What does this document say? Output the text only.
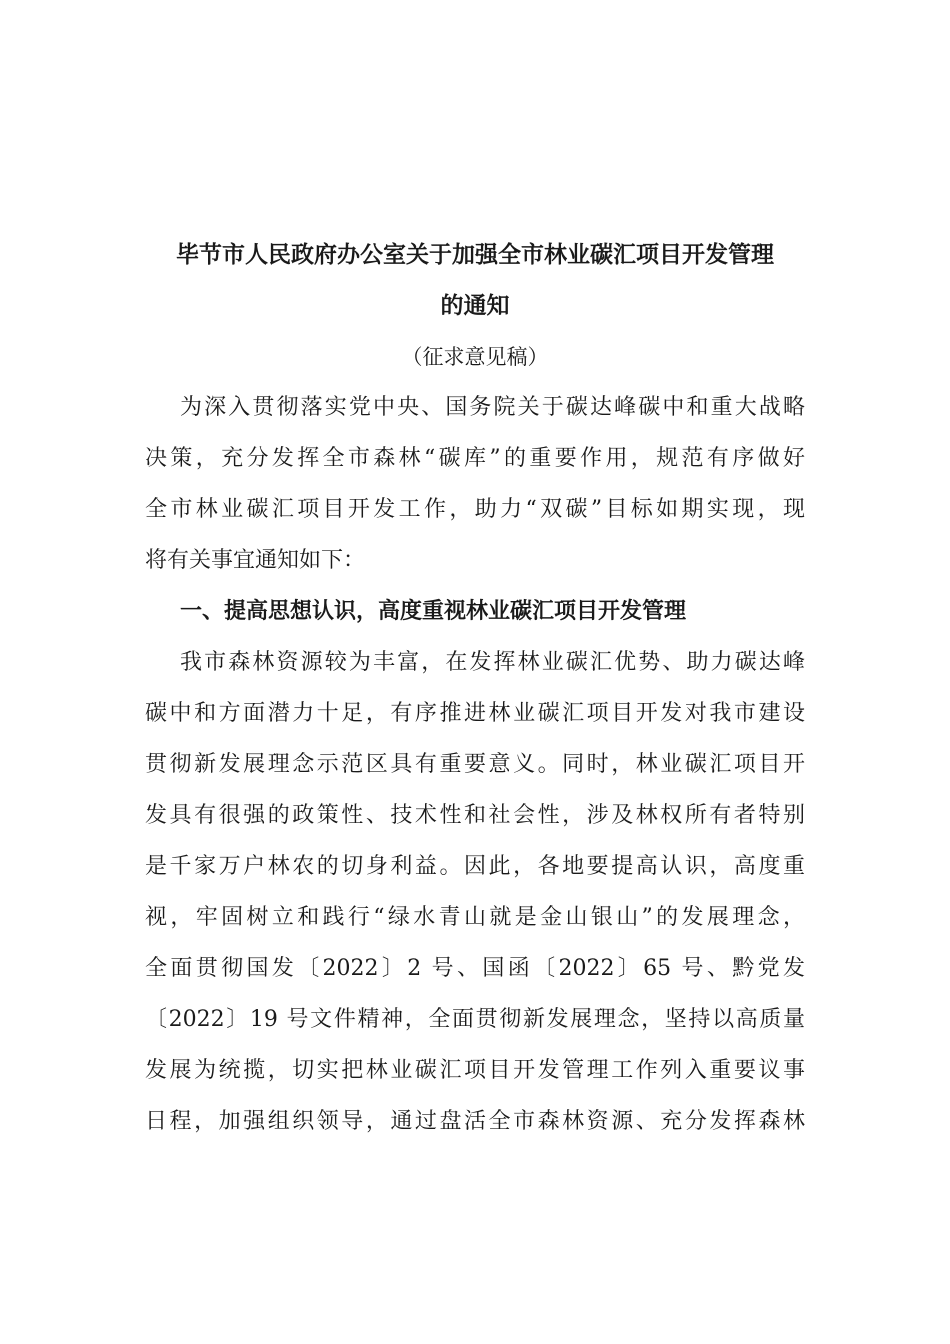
毕节市人民政府办公室关于加强全市林业碳汇项目开发管理
的通知

（征求意见稿）

为深入贯彻落实党中央、国务院关于碳达峰碳中和重大战略

决策，充分发挥全市森林“碳库”的重要作用，规范有序做好

全市林业碳汇项目开发工作，助力“双碳”目标如期实现，现

将有关事宜通知如下：

一、提高思想认识，高度重视林业碳汇项目开发管理

我市森林资源较为丰富，在发挥林业碳汇优势、助力碳达峰

碳中和方面潜力十足，有序推进林业碳汇项目开发对我市建设

贯彻新发展理念示范区具有重要意义。同时，林业碳汇项目开

发具有很强的政策性、技术性和社会性，涉及林权所有者特别

是千家万户林农的切身利益。因此，各地要提高认识，高度重

视，牢固树立和践行“绿水青山就是金山银山”的发展理念，

全面贯彻国发〔2022〕2 号、国函〔2022〕65 号、黔党发

〔2022〕19 号文件精神，全面贯彻新发展理念，坚持以高质量

发展为统揽，切实把林业碳汇项目开发管理工作列入重要议事

日程，加强组织领导，通过盘活全市森林资源、充分发挥森林
